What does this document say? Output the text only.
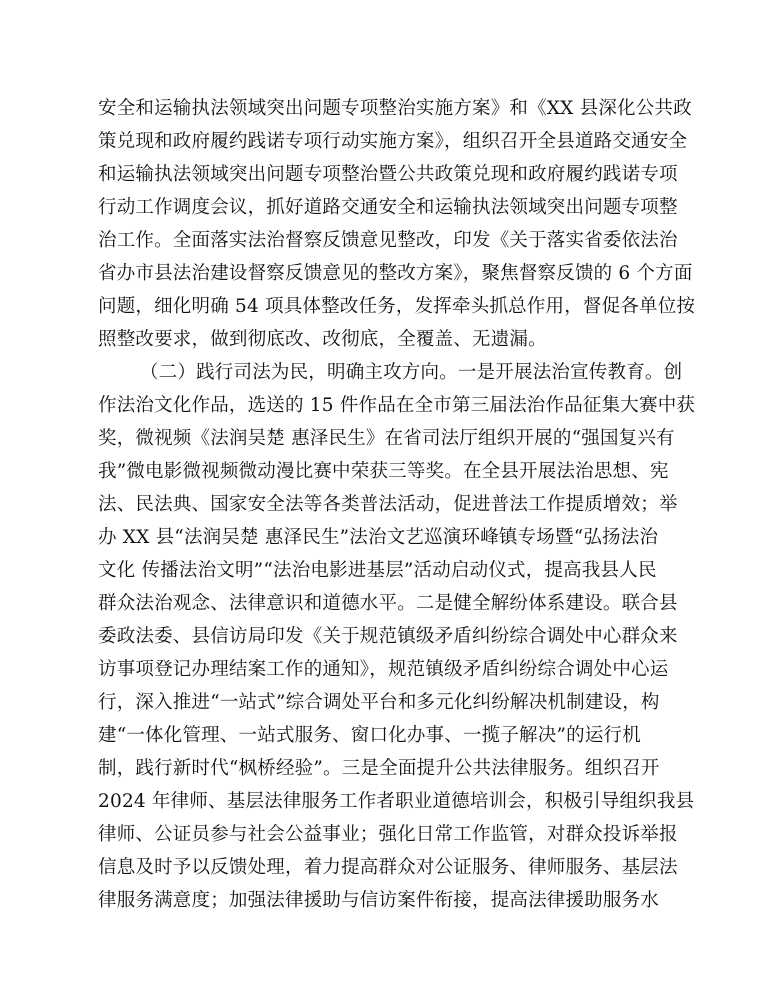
安全和运输执法领域突出问题专项整治实施方案》和《XX 县深化公共政
策兑现和政府履约践诺专项行动实施方案》，组织召开全县道路交通安全
和运输执法领域突出问题专项整治暨公共政策兑现和政府履约践诺专项
行动工作调度会议，抓好道路交通安全和运输执法领域突出问题专项整
治工作。全面落实法治督察反馈意见整改，印发《关于落实省委依法治
省办市县法治建设督察反馈意见的整改方案》，聚焦督察反馈的 6 个方面
问题，细化明确 54 项具体整改任务，发挥牵头抓总作用，督促各单位按
照整改要求，做到彻底改、改彻底，全覆盖、无遗漏。
（二）践行司法为民，明确主攻方向。一是开展法治宣传教育。创
作法治文化作品，选送的 15 件作品在全市第三届法治作品征集大赛中获
奖，微视频《法润吴楚 惠泽民生》在省司法厅组织开展的“强国复兴有
我”微电影微视频微动漫比赛中荣获三等奖。在全县开展法治思想、宪
法、民法典、国家安全法等各类普法活动，促进普法工作提质增效；举
办 XX 县“法润吴楚 惠泽民生”法治文艺巡演环峰镇专场暨“弘扬法治
文化 传播法治文明”“法治电影进基层”活动启动仪式，提高我县人民
群众法治观念、法律意识和道德水平。二是健全解纷体系建设。联合县
委政法委、县信访局印发《关于规范镇级矛盾纠纷综合调处中心群众来
访事项登记办理结案工作的通知》，规范镇级矛盾纠纷综合调处中心运
行，深入推进“一站式”综合调处平台和多元化纠纷解决机制建设，构
建“一体化管理、一站式服务、窗口化办事、一揽子解决”的运行机
制，践行新时代“枫桥经验”。三是全面提升公共法律服务。组织召开
2024 年律师、基层法律服务工作者职业道德培训会，积极引导组织我县
律师、公证员参与社会公益事业；强化日常工作监管，对群众投诉举报
信息及时予以反馈处理，着力提高群众对公证服务、律师服务、基层法
律服务满意度；加强法律援助与信访案件衔接，提高法律援助服务水
